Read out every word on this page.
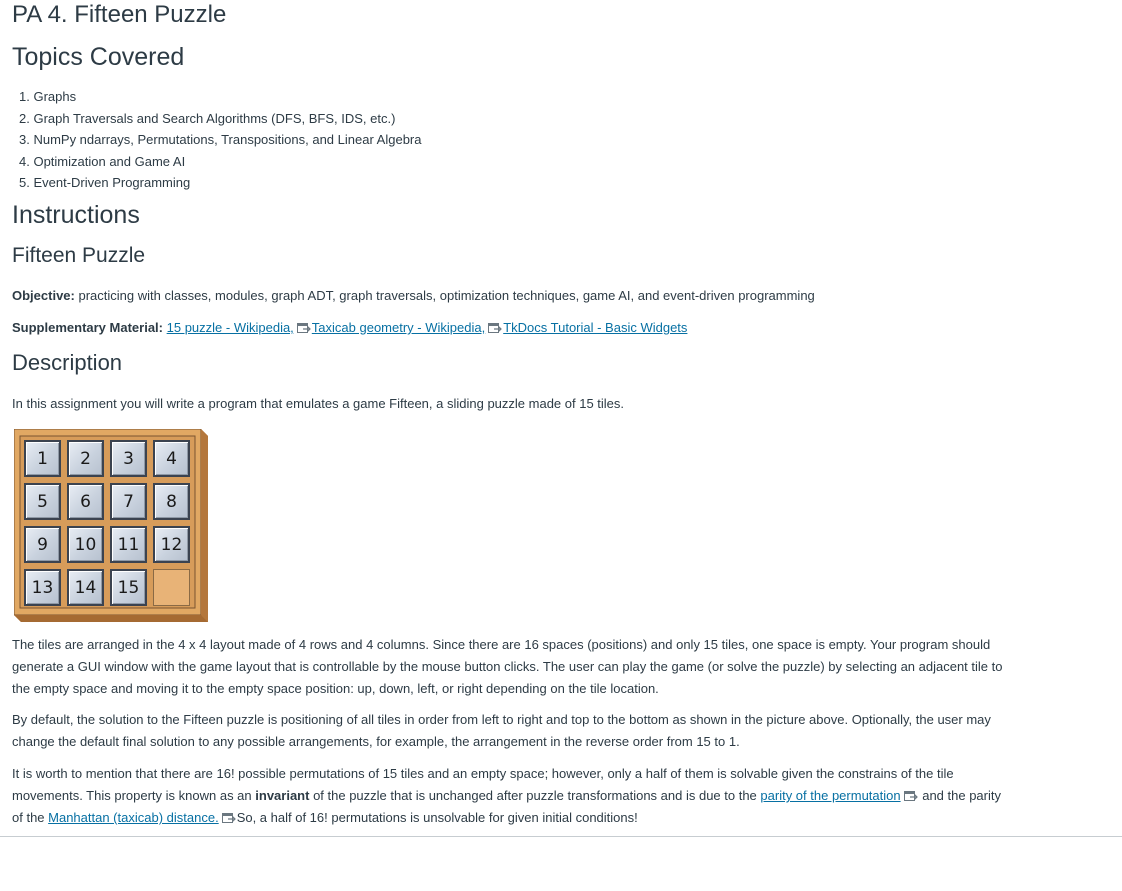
PA 4. Fifteen Puzzle
Topics Covered
1. Graphs
2. Graph Traversals and Search Algorithms (DFS, BFS, IDS, etc.)
3. NumPy ndarrays, Permutations, Transpositions, and Linear Algebra
4. Optimization and Game AI
5. Event-Driven Programming
Instructions
Fifteen Puzzle

Objective: practicing with classes, modules, graph ADT, graph traversals, optimization techniques, game AI, and event-driven programming

Supplementary Material: 15 puzzle - Wikipedia, Taxicab geometry - Wikipedia, TkDocs Tutorial - Basic Widgets

Description

In this assignment you will write a program that emulates a game Fifteen, a sliding puzzle made of 15 tiles.

The tiles are arranged in the 4 x 4 layout made of 4 rows and 4 columns. Since there are 16 spaces (positions) and only 15 tiles, one space is empty. Your program should generate a GUI window with the game layout that is controllable by the mouse button clicks. The user can play the game (or solve the puzzle) by selecting an adjacent tile to the empty space and moving it to the empty space position: up, down, left, or right depending on the tile location.

By default, the solution to the Fifteen puzzle is positioning of all tiles in order from left to right and top to the bottom as shown in the picture above. Optionally, the user may change the default final solution to any possible arrangements, for example, the arrangement in the reverse order from 15 to 1.

It is worth to mention that there are 16! possible permutations of 15 tiles and an empty space; however, only a half of them is solvable given the constrains of the tile movements. This property is known as an invariant of the puzzle that is unchanged after puzzle transformations and is due to the parity of the permutation
and the parity of the Manhattan (taxicab) distance. So, a half of 16! permutations is unsolvable for given initial conditions!

1	2	3	4
5	6	7	8
9	10	11	12
13	14	15
